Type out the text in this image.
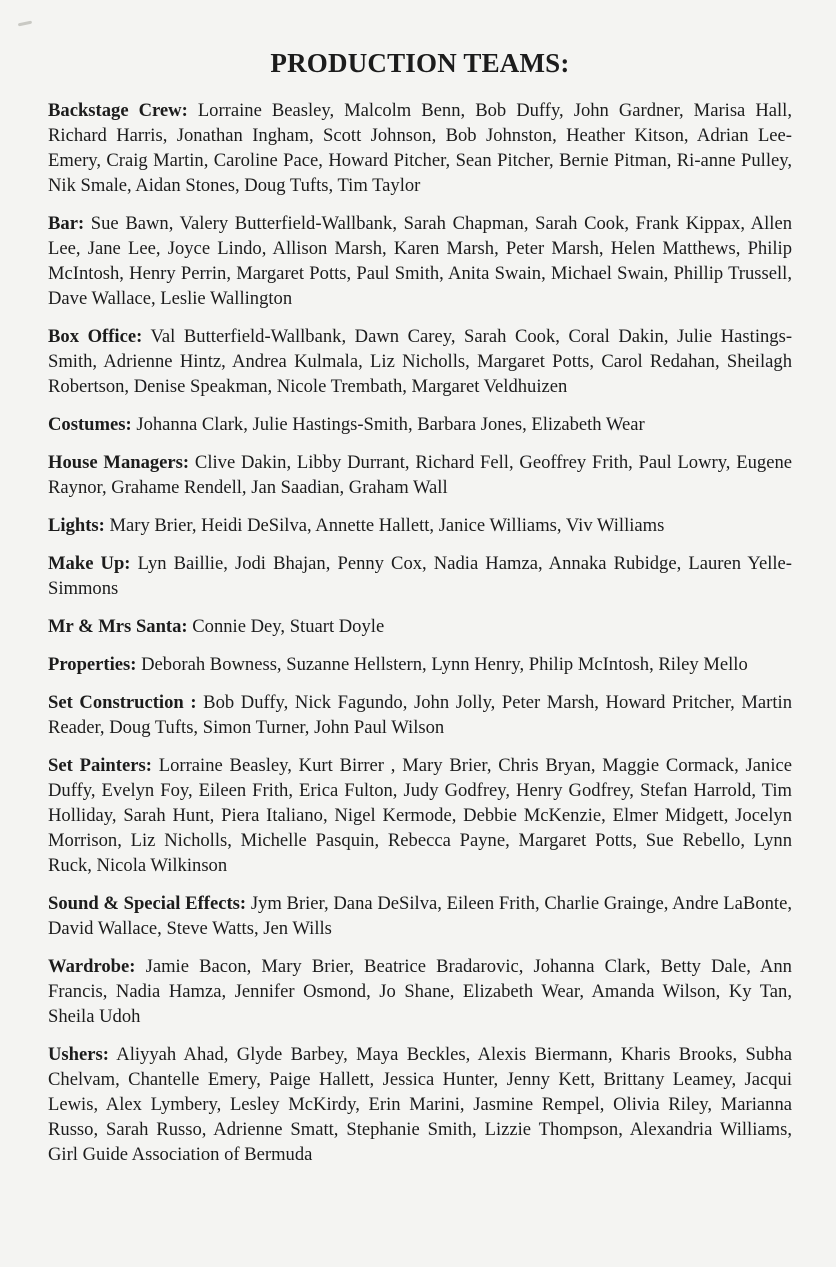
PRODUCTION TEAMS:

Backstage Crew: Lorraine Beasley, Malcolm Benn, Bob Duffy, John Gardner, Marisa Hall, Richard Harris, Jonathan Ingham, Scott Johnson, Bob Johnston, Heather Kitson, Adrian Lee-Emery, Craig Martin, Caroline Pace, Howard Pitcher, Sean Pitcher, Bernie Pitman, Ri-anne Pulley, Nik Smale, Aidan Stones, Doug Tufts, Tim Taylor

Bar: Sue Bawn, Valery Butterfield-Wallbank, Sarah Chapman, Sarah Cook, Frank Kippax, Allen Lee, Jane Lee, Joyce Lindo, Allison Marsh, Karen Marsh, Peter Marsh, Helen Matthews, Philip McIntosh, Henry Perrin, Margaret Potts, Paul Smith, Anita Swain, Michael Swain, Phillip Trussell, Dave Wallace, Leslie Wallington

Box Office: Val Butterfield-Wallbank, Dawn Carey, Sarah Cook, Coral Dakin, Julie Hastings-Smith, Adrienne Hintz, Andrea Kulmala, Liz Nicholls, Margaret Potts, Carol Redahan, Sheilagh Robertson, Denise Speakman, Nicole Trembath, Margaret Veldhuizen

Costumes: Johanna Clark, Julie Hastings-Smith, Barbara Jones, Elizabeth Wear

House Managers: Clive Dakin, Libby Durrant, Richard Fell, Geoffrey Frith, Paul Lowry, Eugene Raynor, Grahame Rendell, Jan Saadian, Graham Wall

Lights: Mary Brier, Heidi DeSilva, Annette Hallett, Janice Williams, Viv Williams

Make Up: Lyn Baillie, Jodi Bhajan, Penny Cox, Nadia Hamza, Annaka Rubidge, Lauren Yelle-Simmons

Mr & Mrs Santa: Connie Dey, Stuart Doyle

Properties: Deborah Bowness, Suzanne Hellstern, Lynn Henry, Philip McIntosh, Riley Mello

Set Construction : Bob Duffy, Nick Fagundo, John Jolly, Peter Marsh, Howard Pritcher, Martin Reader, Doug Tufts, Simon Turner, John Paul Wilson

Set Painters: Lorraine Beasley, Kurt Birrer , Mary Brier, Chris Bryan, Maggie Cormack, Janice Duffy, Evelyn Foy, Eileen Frith, Erica Fulton, Judy Godfrey, Henry Godfrey, Stefan Harrold, Tim Holliday, Sarah Hunt, Piera Italiano, Nigel Kermode, Debbie McKenzie, Elmer Midgett, Jocelyn Morrison, Liz Nicholls, Michelle Pasquin, Rebecca Payne, Margaret Potts, Sue Rebello, Lynn Ruck, Nicola Wilkinson

Sound & Special Effects: Jym Brier, Dana DeSilva, Eileen Frith, Charlie Grainge, Andre LaBonte, David Wallace, Steve Watts, Jen Wills

Wardrobe: Jamie Bacon, Mary Brier, Beatrice Bradarovic, Johanna Clark, Betty Dale, Ann Francis, Nadia Hamza, Jennifer Osmond, Jo Shane, Elizabeth Wear, Amanda Wilson, Ky Tan, Sheila Udoh

Ushers: Aliyyah Ahad, Glyde Barbey, Maya Beckles, Alexis Biermann, Kharis Brooks, Subha Chelvam, Chantelle Emery, Paige Hallett, Jessica Hunter, Jenny Kett, Brittany Leamey, Jacqui Lewis, Alex Lymbery, Lesley McKirdy, Erin Marini, Jasmine Rempel, Olivia Riley, Marianna Russo, Sarah Russo, Adrienne Smatt, Stephanie Smith, Lizzie Thompson, Alexandria Williams, Girl Guide Association of Bermuda
